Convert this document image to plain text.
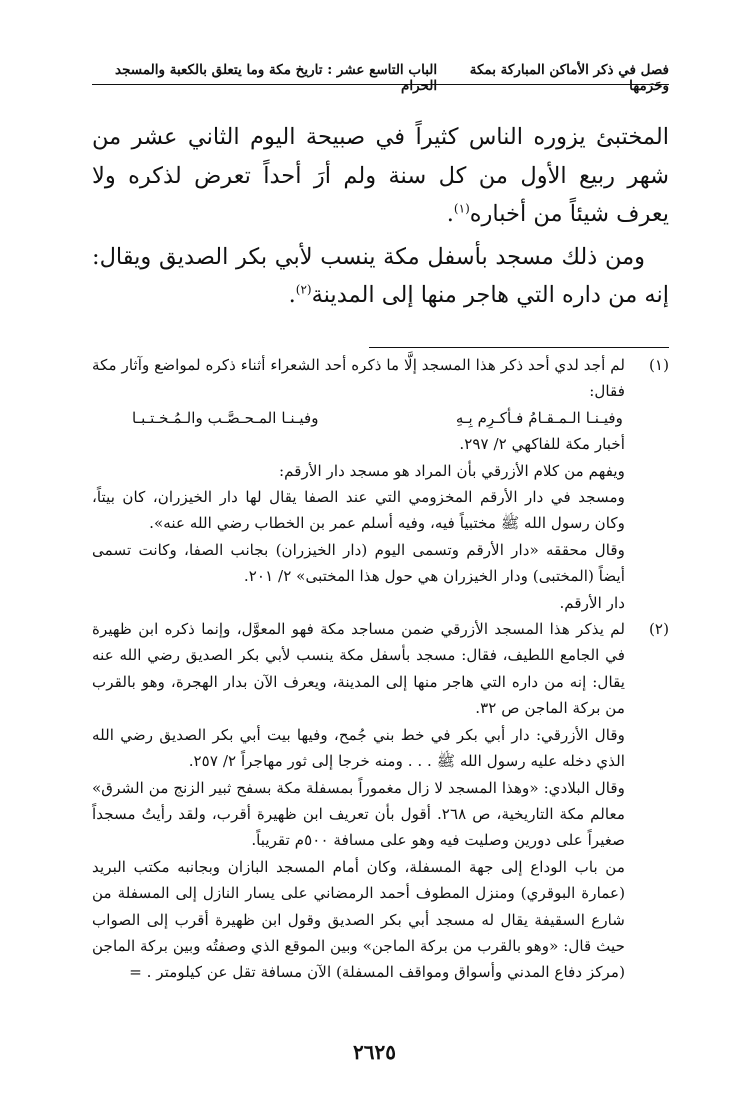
فصل في ذكر الأماكن المباركة بمكة وحَرَمها
الباب التاسع عشر : تاريخ مكة وما يتعلق بالكعبة والمسجد الحرام

المختبئ يزوره الناس كثيراً في صبيحة اليوم الثاني عشر من شهر ربيع الأول من كل سنة ولم أرَ أحداً تعرض لذكره ولا يعرف شيئاً من أخباره$^{(١)}$.

ومن ذلك مسجد بأسفل مكة ينسب لأبي بكر الصديق ويقال: إنه من داره التي هاجر منها إلى المدينة$^{(٢)}$.

(١)

لم أجد لدي أحد ذكر هذا المسجد إلَّا ما ذكره أحد الشعراء أثناء ذكره لمواضع وآثار مكة فقال:

وفيـنـا الـمـقـامُ فـأكـرِم بِـهِ
وفيـنـا المـحـصَّـب والـمُـخـتـبـا

أخبار مكة للفاكهي ٢/ ٢٩٧.

ويفهم من كلام الأزرقي بأن المراد هو مسجد دار الأرقم:

ومسجد في دار الأرقم المخزومي التي عند الصفا يقال لها دار الخيزران، كان بيتاً، وكان رسول الله ﷺ مختبياً فيه، وفيه أسلم عمر بن الخطاب رضي الله عنه».

وقال محققه «دار الأرقم وتسمى اليوم (دار الخيزران) بجانب الصفا، وكانت تسمى أيضاً (المختبى) ودار الخيزران هي حول هذا المختبى» ٢/ ٢٠١.

دار الأرقم.

(٢)

لم يذكر هذا المسجد الأزرقي ضمن مساجد مكة فهو المعوَّل، وإنما ذكره ابن ظهيرة في الجامع اللطيف، فقال: مسجد بأسفل مكة ينسب لأبي بكر الصديق رضي الله عنه يقال: إنه من داره التي هاجر منها إلى المدينة، ويعرف الآن بدار الهجرة، وهو بالقرب من بركة الماجن ص ٣٢.

وقال الأزرقي: دار أبي بكر في خط بني جُمح، وفيها بيت أبي بكر الصديق رضي الله الذي دخله عليه رسول الله ﷺ . . . ومنه خرجا إلى ثور مهاجراً ٢/ ٢٥٧.

وقال البلادي: «وهذا المسجد لا زال مغموراً بمسفلة مكة بسفح ثبير الزنج من الشرق» معالم مكة التاريخية، ص ٢٦٨. أقول بأن تعريف ابن ظهيرة أقرب، ولقد رأيتُ مسجداً صغيراً على دورين وصليت فيه وهو على مسافة ٥٠٠م تقريباً.

من باب الوداع إلى جهة المسفلة، وكان أمام المسجد البازان وبجانبه مكتب البريد (عمارة البوقري) ومنزل المطوف أحمد الرمضاني على يسار النازل إلى المسفلة من شارع السقيفة يقال له مسجد أبي بكر الصديق وقول ابن ظهيرة أقرب إلى الصواب حيث قال: «وهو بالقرب من بركة الماجن» وبين الموقع الذي وصفتُه وبين بركة الماجن (مركز دفاع المدني وأسواق ومواقف المسفلة) الآن مسافة تقل عن كيلومتر . =

٢٦٢٥
